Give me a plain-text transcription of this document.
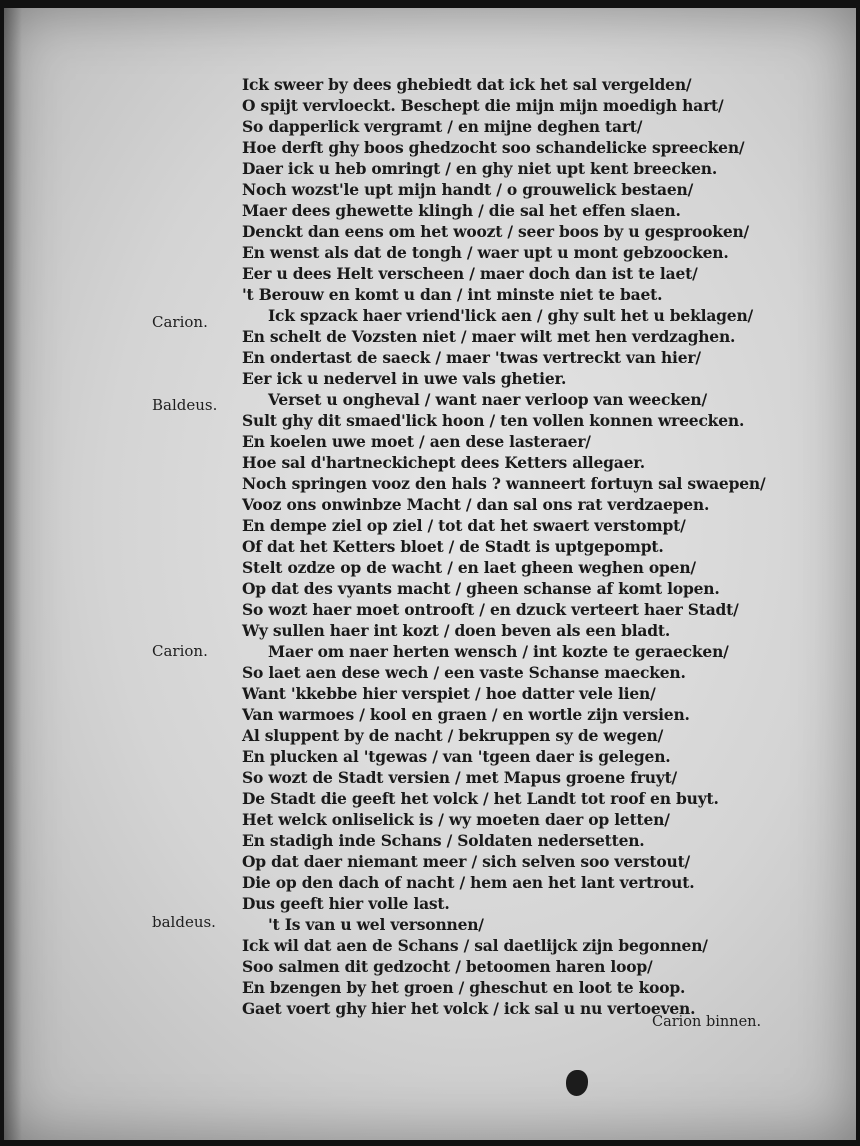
Carion.
Baldeus.
Carion.
baldeus.
Ick sweer by dees ghebiedt dat ick het sal vergelden/
O spijt vervloeckt. Beschept die mijn mijn moedigh hart/
So dapperlick vergramt / en mijne deghen tart/
Hoe derft ghy boos ghedzocht soo schandelicke spreecken/
Daer ick u heb omringt / en ghy niet upt kent breecken.
Noch wozst'le upt mijn handt / o grouwelick bestaen/
Maer dees ghewette klingh / die sal het effen slaen.
Denckt dan eens om het woozt / seer boos by u gesprooken/
En wenst als dat de tongh / waer upt u mont gebzoocken.
Eer u dees Helt verscheen / maer doch dan ist te laet/
't Berouw en komt u dan / int minste niet te baet.
Ick spzack haer vriend'lick aen / ghy sult het u beklagen/
En schelt de Vozsten niet / maer wilt met hen verdzaghen.
En ondertast de saeck / maer 'twas vertreckt van hier/
Eer ick u nedervel in uwe vals ghetier.
Verset u ongheval / want naer verloop van weecken/
Sult ghy dit smaed'lick hoon / ten vollen konnen wreecken.
En koelen uwe moet / aen dese lasteraer/
Hoe sal d'hartneckichept dees Ketters allegaer.
Noch springen vooz den hals ? wanneert fortuyn sal swaepen/
Vooz ons onwinbze Macht / dan sal ons rat verdzaepen.
En dempe ziel op ziel / tot dat het swaert verstompt/
Of dat het Ketters bloet / de Stadt is uptgepompt.
Stelt ozdze op de wacht / en laet gheen weghen open/
Op dat des vyants macht / gheen schanse af komt lopen.
So wozt haer moet ontrooft / en dzuck verteert haer Stadt/
Wy sullen haer int kozt / doen beven als een bladt.
Maer om naer herten wensch / int kozte te geraecken/
So laet aen dese wech / een vaste Schanse maecken.
Want 'kkebbe hier verspiet / hoe datter vele lien/
Van warmoes / kool en graen / en wortle zijn versien.
Al sluppent by de nacht / bekruppen sy de wegen/
En plucken al 'tgewas / van 'tgeen daer is gelegen.
So wozt de Stadt versien / met Mapus groene fruyt/
De Stadt die geeft het volck / het Landt tot roof en buyt.
Het welck onliselick is / wy moeten daer op letten/
En stadigh inde Schans / Soldaten nedersetten.
Op dat daer niemant meer / sich selven soo verstout/
Die op den dach of nacht / hem aen het lant vertrout.
Dus geeft hier volle last.
't Is van u wel versonnen/
Ick wil dat aen de Schans / sal daetlijck zijn begonnen/
Soo salmen dit gedzocht / betoomen haren loop/
En bzengen by het groen / gheschut en loot te koop.
Gaet voert ghy hier het volck / ick sal u nu vertoeven.
Carion binnen.
